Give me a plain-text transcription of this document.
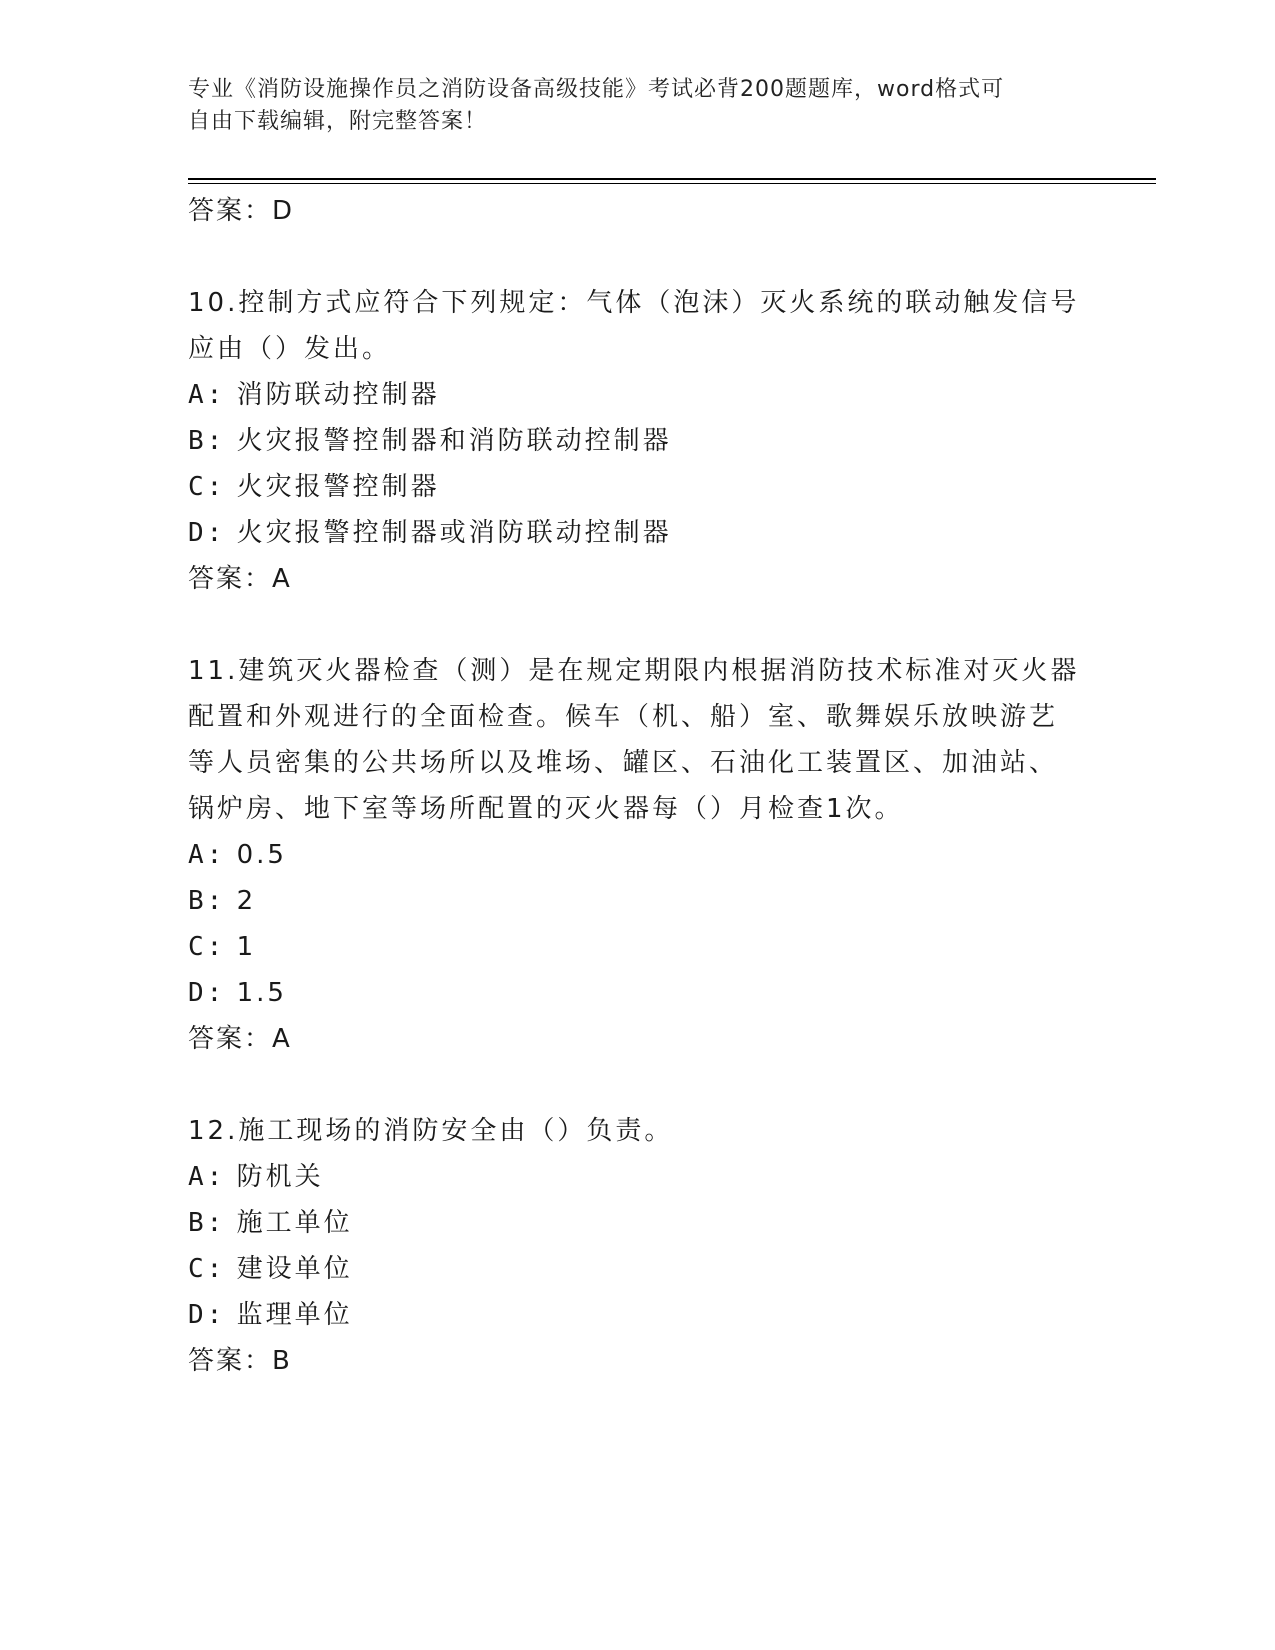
专业《消防设施操作员之消防设备高级技能》考试必背200题题库，word格式可
自由下载编辑，附完整答案！
答案：D
10.控制方式应符合下列规定：气体（泡沫）灭火系统的联动触发信号
应由（）发出。
A: 消防联动控制器
B: 火灾报警控制器和消防联动控制器
C: 火灾报警控制器
D: 火灾报警控制器或消防联动控制器
答案：A
11.建筑灭火器检查（测）是在规定期限内根据消防技术标准对灭火器
配置和外观进行的全面检查。候车（机、船）室、歌舞娱乐放映游艺
等人员密集的公共场所以及堆场、罐区、石油化工装置区、加油站、
锅炉房、地下室等场所配置的灭火器每（）月检查1次。
A: 0.5
B: 2
C: 1
D: 1.5
答案：A
12.施工现场的消防安全由（）负责。
A: 防机关
B: 施工单位
C: 建设单位
D: 监理单位
答案：B
